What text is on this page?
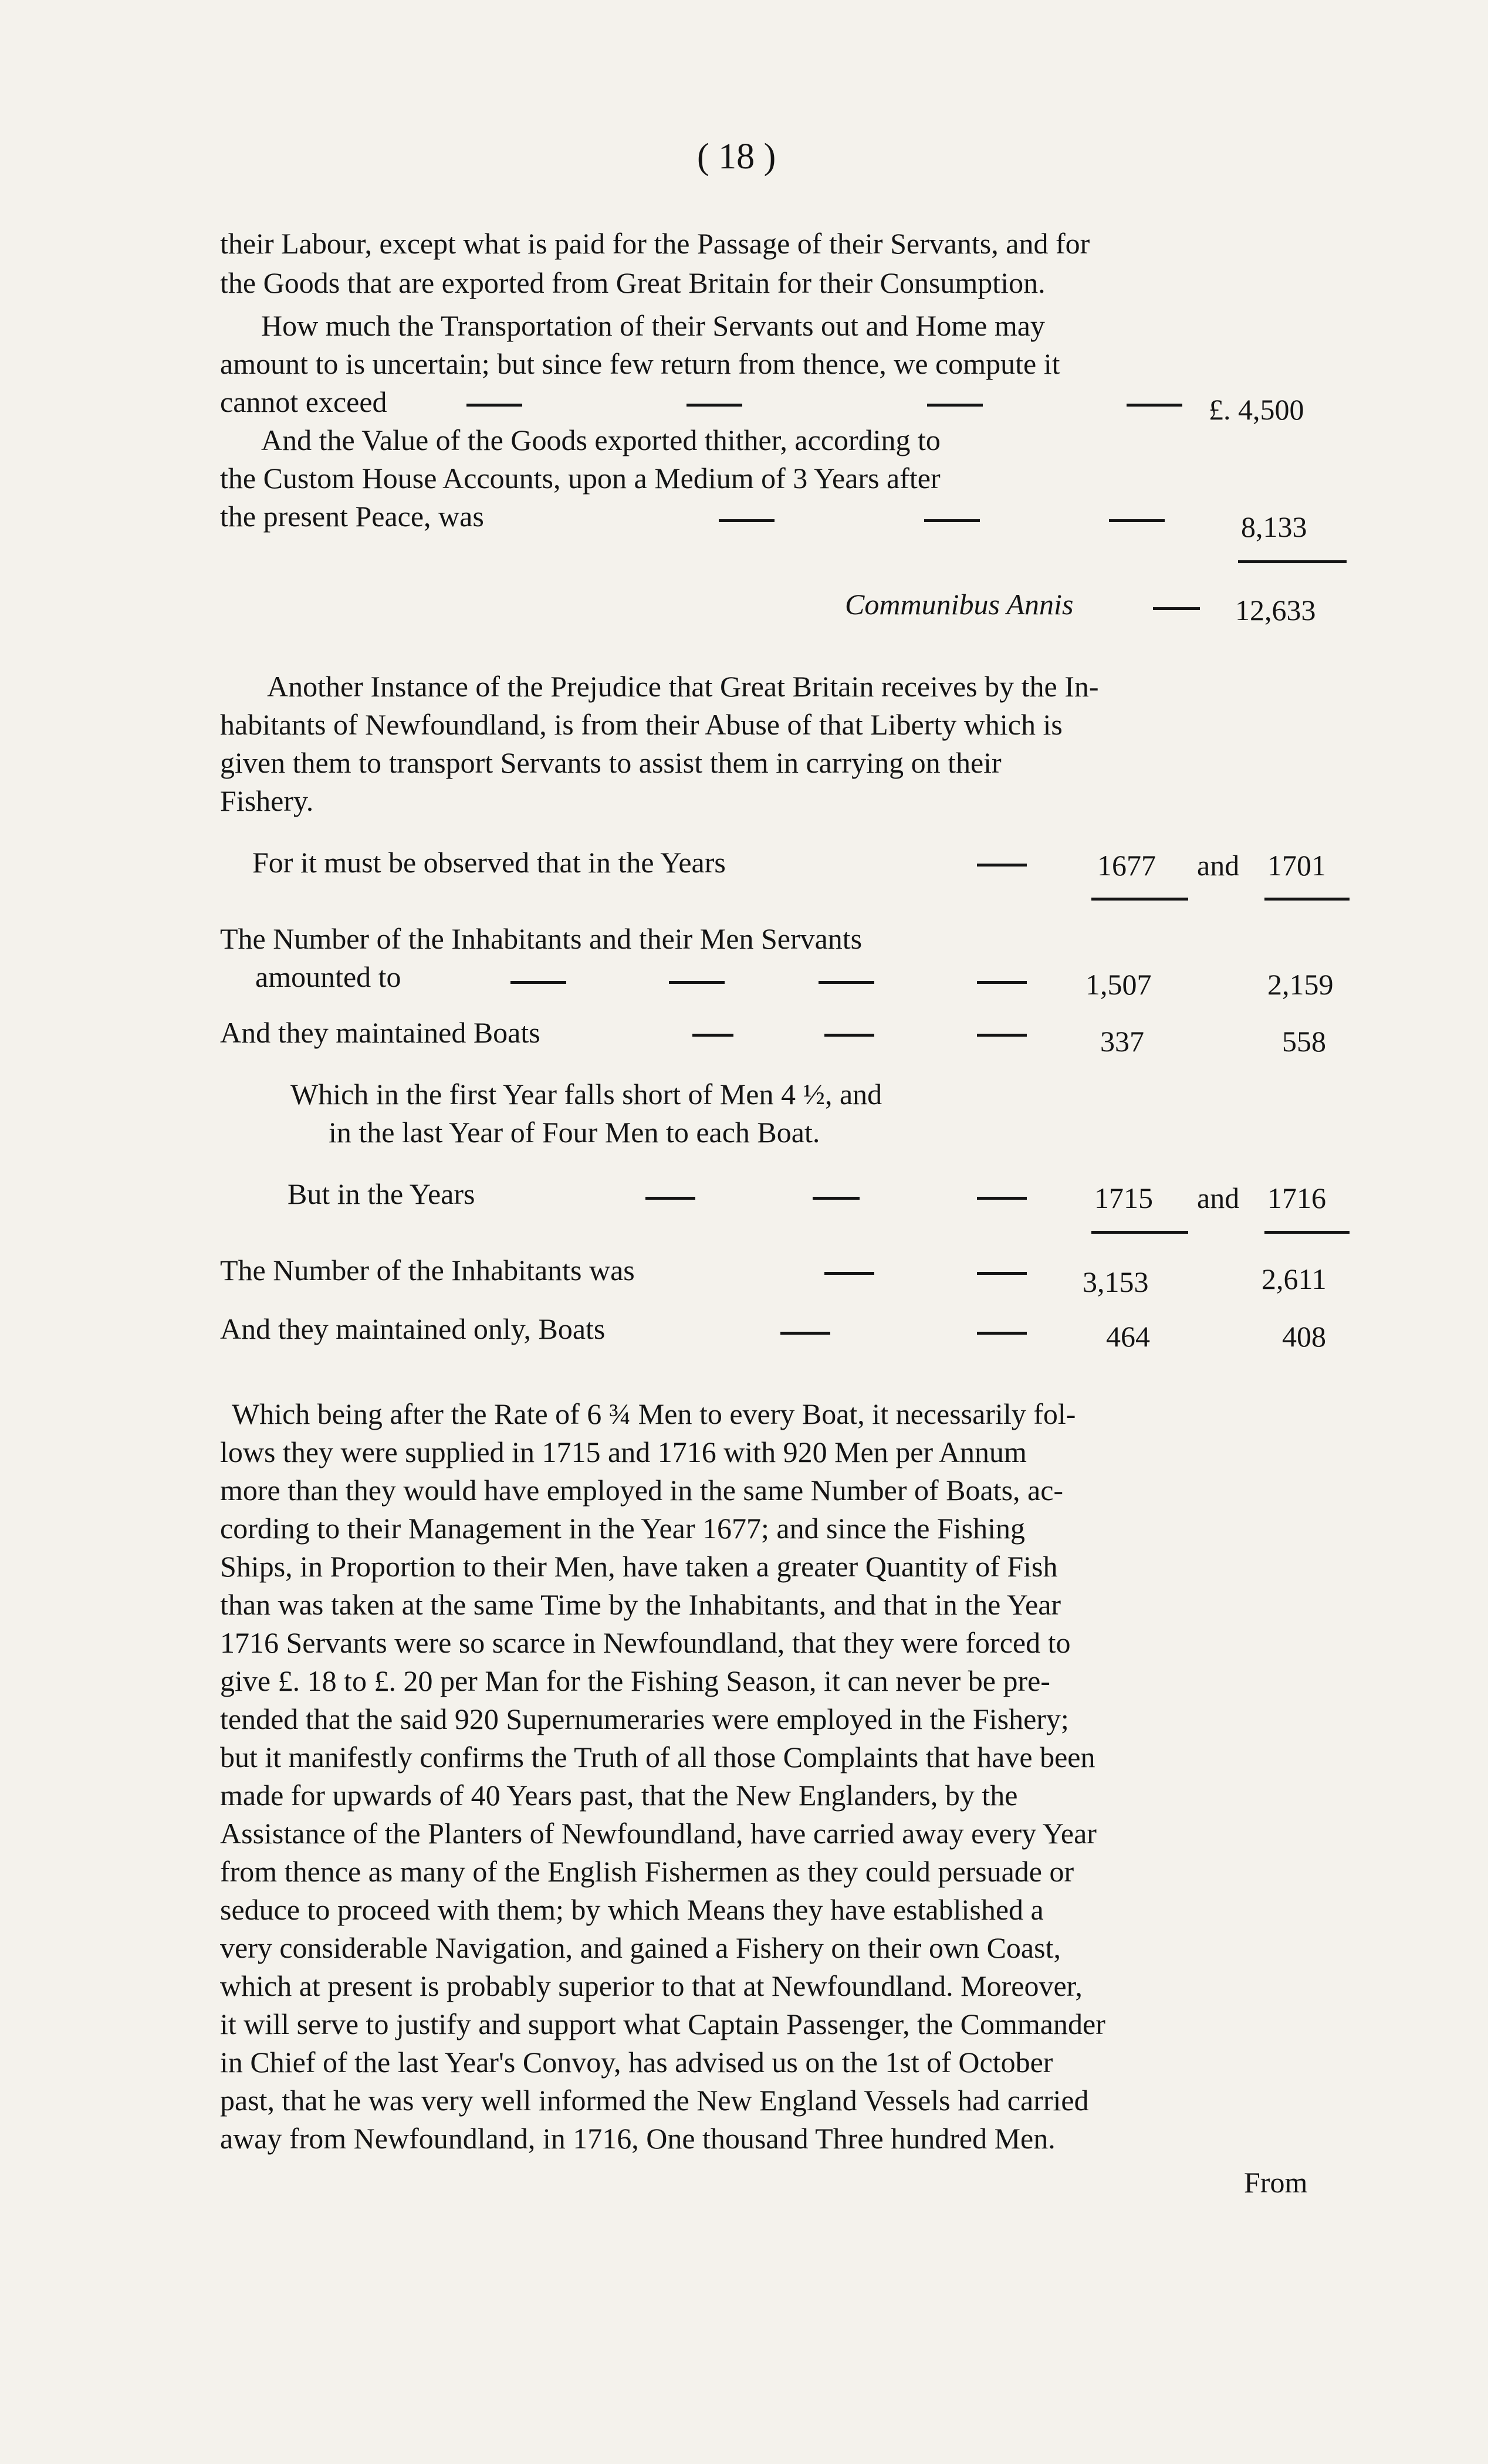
( 18 )
their Labour, except what is paid for the Passage of their Servants, and for
the Goods that are exported from Great Britain for their Consumption.
How much the Transportation of their Servants out and Home may
amount to is uncertain; but since few return from thence, we compute it
cannot exceed	£. 4,500
And the Value of the Goods exported thither, according to
the Custom House Accounts, upon a Medium of 3 Years after
the present Peace, was	8,133
Communibus Annis	12,633
Another Instance of the Prejudice that Great Britain receives by the In-
habitants of Newfoundland, is from their Abuse of that Liberty which is
given them to transport Servants to assist them in carrying on their
Fishery.
For it must be observed that in the Years	1677 and 1701
The Number of the Inhabitants and their Men Servants
amounted to	1,507	2,159
And they maintained Boats	337	558
Which in the first Year falls short of Men 4 ½, and
in the last Year of Four Men to each Boat.
But in the Years	1715 and 1716
The Number of the Inhabitants was	3,153	2,611
And they maintained only, Boats	464	408
Which being after the Rate of 6 ¾ Men to every Boat, it necessarily fol-
lows they were supplied in 1715 and 1716 with 920 Men per Annum
more than they would have employed in the same Number of Boats, ac-
cording to their Management in the Year 1677; and since the Fishing
Ships, in Proportion to their Men, have taken a greater Quantity of Fish
than was taken at the same Time by the Inhabitants, and that in the Year
1716 Servants were so scarce in Newfoundland, that they were forced to
give £. 18 to £. 20 per Man for the Fishing Season, it can never be pre-
tended that the said 920 Supernumeraries were employed in the Fishery;
but it manifestly confirms the Truth of all those Complaints that have been
made for upwards of 40 Years past, that the New Englanders, by the
Assistance of the Planters of Newfoundland, have carried away every Year
from thence as many of the English Fishermen as they could persuade or
seduce to proceed with them; by which Means they have established a
very considerable Navigation, and gained a Fishery on their own Coast,
which at present is probably superior to that at Newfoundland. Moreover,
it will serve to justify and support what Captain Passenger, the Commander
in Chief of the last Year's Convoy, has advised us on the 1st of October
past, that he was very well informed the New England Vessels had carried
away from Newfoundland, in 1716, One thousand Three hundred Men.
From
